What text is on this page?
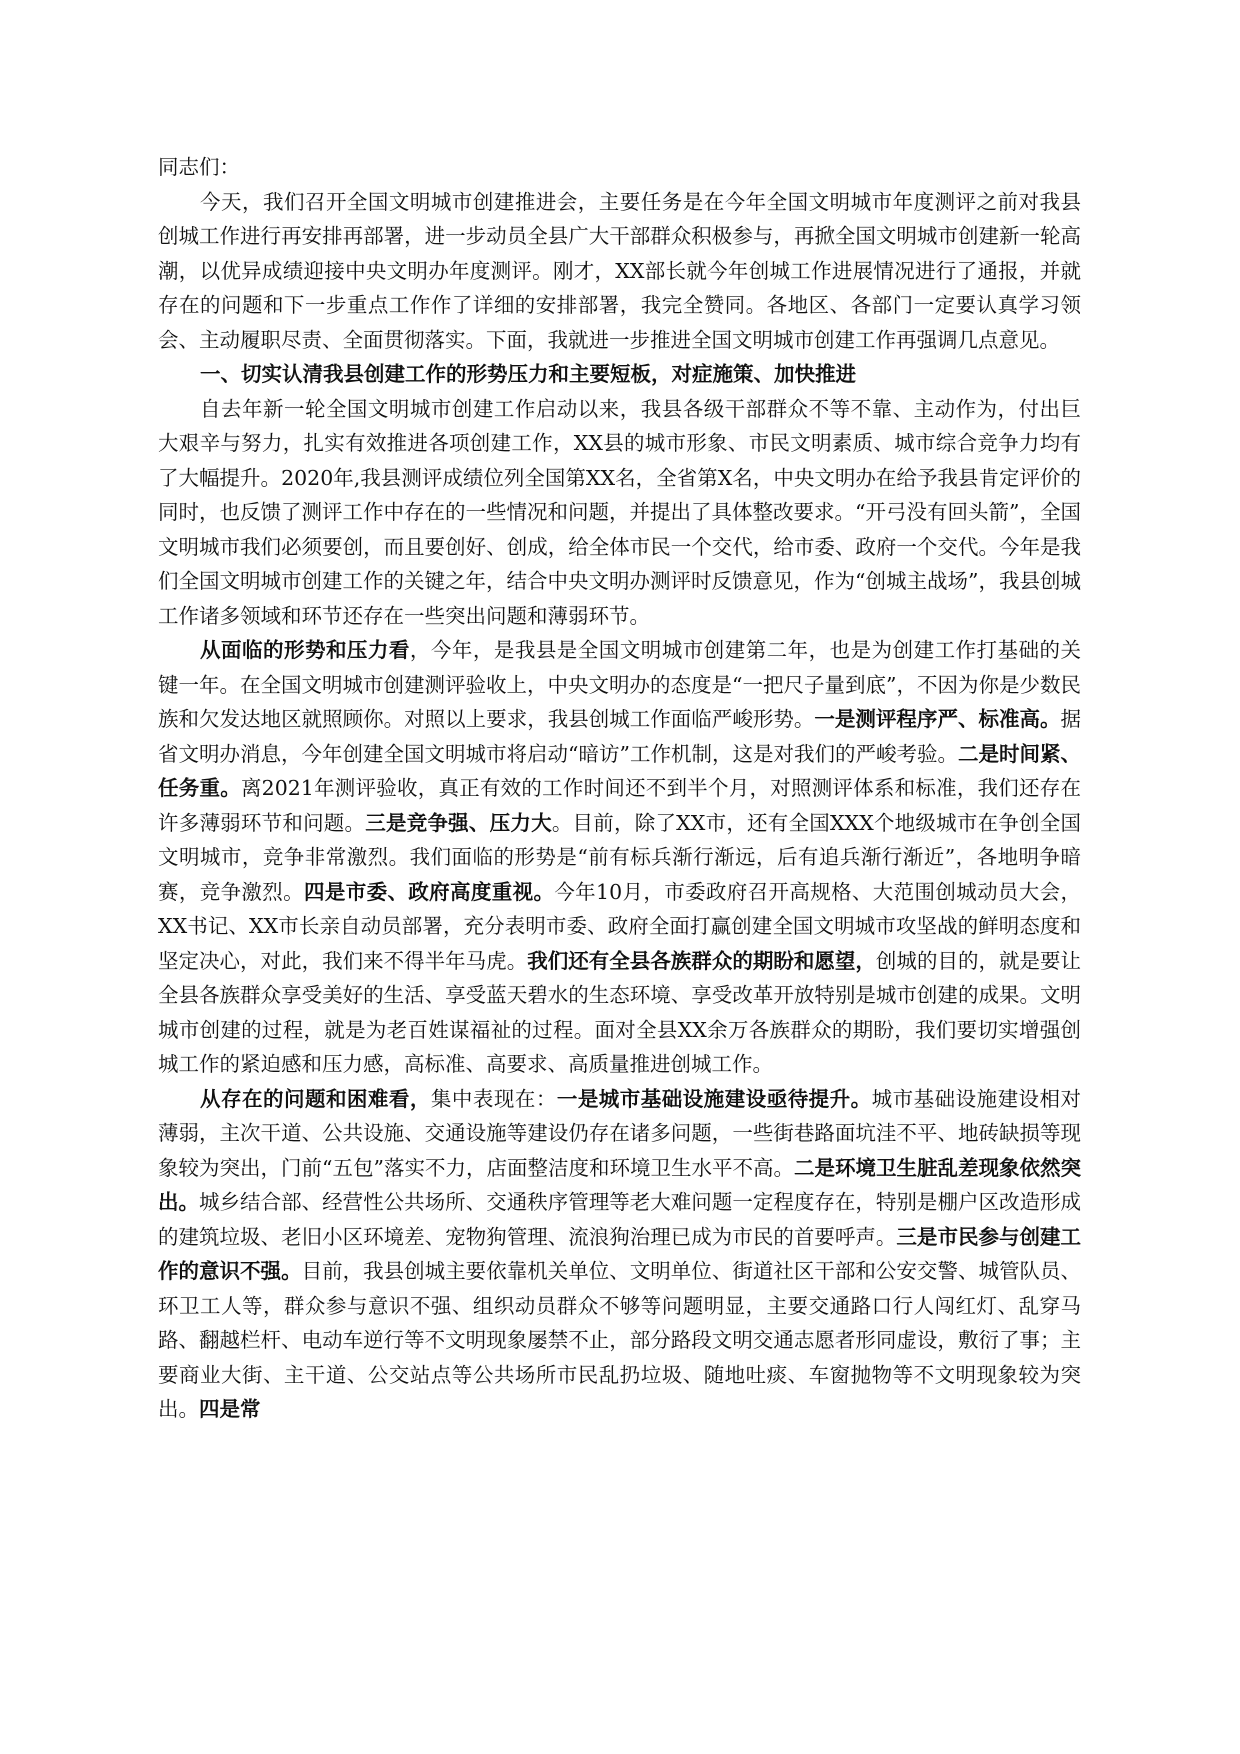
同志们：

今天，我们召开全国文明城市创建推进会，主要任务是在今年全国文明城市年度测评之前对我县创城工作进行再安排再部署，进一步动员全县广大干部群众积极参与，再掀全国文明城市创建新一轮高潮，以优异成绩迎接中央文明办年度测评。刚才，XX部长就今年创城工作进展情况进行了通报，并就存在的问题和下一步重点工作作了详细的安排部署，我完全赞同。各地区、各部门一定要认真学习领会、主动履职尽责、全面贯彻落实。下面，我就进一步推进全国文明城市创建工作再强调几点意见。

一、切实认清我县创建工作的形势压力和主要短板，对症施策、加快推进

自去年新一轮全国文明城市创建工作启动以来，我县各级干部群众不等不靠、主动作为，付出巨大艰辛与努力，扎实有效推进各项创建工作，XX县的城市形象、市民文明素质、城市综合竞争力均有了大幅提升。2020年,我县测评成绩位列全国第XX名，全省第X名，中央文明办在给予我县肯定评价的同时，也反馈了测评工作中存在的一些情况和问题，并提出了具体整改要求。“开弓没有回头箭”，全国文明城市我们必须要创，而且要创好、创成，给全体市民一个交代，给市委、政府一个交代。今年是我们全国文明城市创建工作的关键之年，结合中央文明办测评时反馈意见，作为“创城主战场”，我县创城工作诸多领域和环节还存在一些突出问题和薄弱环节。

从面临的形势和压力看，今年，是我县是全国文明城市创建第二年，也是为创建工作打基础的关键一年。在全国文明城市创建测评验收上，中央文明办的态度是“一把尺子量到底”，不因为你是少数民族和欠发达地区就照顾你。对照以上要求，我县创城工作面临严峻形势。一是测评程序严、标准高。据省文明办消息，今年创建全国文明城市将启动“暗访”工作机制，这是对我们的严峻考验。二是时间紧、任务重。离2021年测评验收，真正有效的工作时间还不到半个月，对照测评体系和标准，我们还存在许多薄弱环节和问题。三是竞争强、压力大。目前，除了XX市，还有全国XXX个地级城市在争创全国文明城市，竞争非常激烈。我们面临的形势是“前有标兵渐行渐远，后有追兵渐行渐近”，各地明争暗赛，竞争激烈。四是市委、政府高度重视。今年10月，市委政府召开高规格、大范围创城动员大会，XX书记、XX市长亲自动员部署，充分表明市委、政府全面打赢创建全国文明城市攻坚战的鲜明态度和坚定决心，对此，我们来不得半年马虎。我们还有全县各族群众的期盼和愿望，创城的目的，就是要让全县各族群众享受美好的生活、享受蓝天碧水的生态环境、享受改革开放特别是城市创建的成果。文明城市创建的过程，就是为老百姓谋福祉的过程。面对全县XX余万各族群众的期盼，我们要切实增强创城工作的紧迫感和压力感，高标准、高要求、高质量推进创城工作。

从存在的问题和困难看，集中表现在：一是城市基础设施建设亟待提升。城市基础设施建设相对薄弱，主次干道、公共设施、交通设施等建设仍存在诸多问题，一些街巷路面坑洼不平、地砖缺损等现象较为突出，门前“五包”落实不力，店面整洁度和环境卫生水平不高。二是环境卫生脏乱差现象依然突出。城乡结合部、经营性公共场所、交通秩序管理等老大难问题一定程度存在，特别是棚户区改造形成的建筑垃圾、老旧小区环境差、宠物狗管理、流浪狗治理已成为市民的首要呼声。三是市民参与创建工作的意识不强。目前，我县创城主要依靠机关单位、文明单位、街道社区干部和公安交警、城管队员、环卫工人等，群众参与意识不强、组织动员群众不够等问题明显，主要交通路口行人闯红灯、乱穿马路、翻越栏杆、电动车逆行等不文明现象屡禁不止，部分路段文明交通志愿者形同虚设，敷衍了事；主要商业大街、主干道、公交站点等公共场所市民乱扔垃圾、随地吐痰、车窗抛物等不文明现象较为突出。四是常
